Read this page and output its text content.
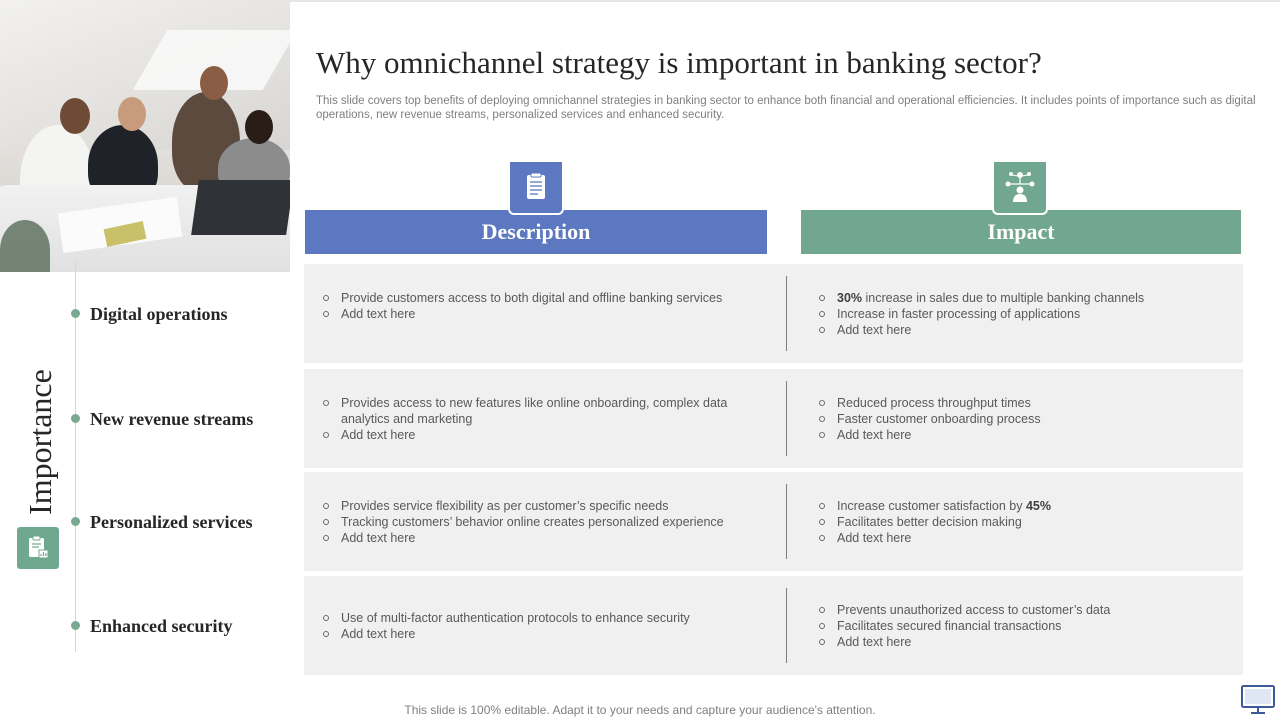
Digital operations
New revenue streams
Personalized services
Enhanced security
Importance
Why omnichannel strategy is important in banking sector?
This slide covers top benefits of deploying omnichannel strategies in banking sector to enhance both financial and operational efficiencies. It includes points of importance such as digital operations, new revenue streams, personalized services and enhanced security.
Description	Impact
Provide customers access to both digital and offline banking services
Add text here
30% increase in sales due to multiple banking channels
Increase in faster processing of applications
Add text here
Provides access to new features like online onboarding, complex data analytics and marketing
Add text here
Reduced process throughput times
Faster customer onboarding process
Add text here
Provides service flexibility as per customer’s specific needs
Tracking customers’ behavior online creates personalized experience
Add text here
Increase customer satisfaction by 45%
Facilitates better decision making
Add text here
Use of multi-factor authentication protocols to enhance security
Add text here
Prevents unauthorized access to customer’s data
Facilitates secured financial transactions
Add text here
This slide is 100% editable. Adapt it to your needs and capture your audience's attention.
